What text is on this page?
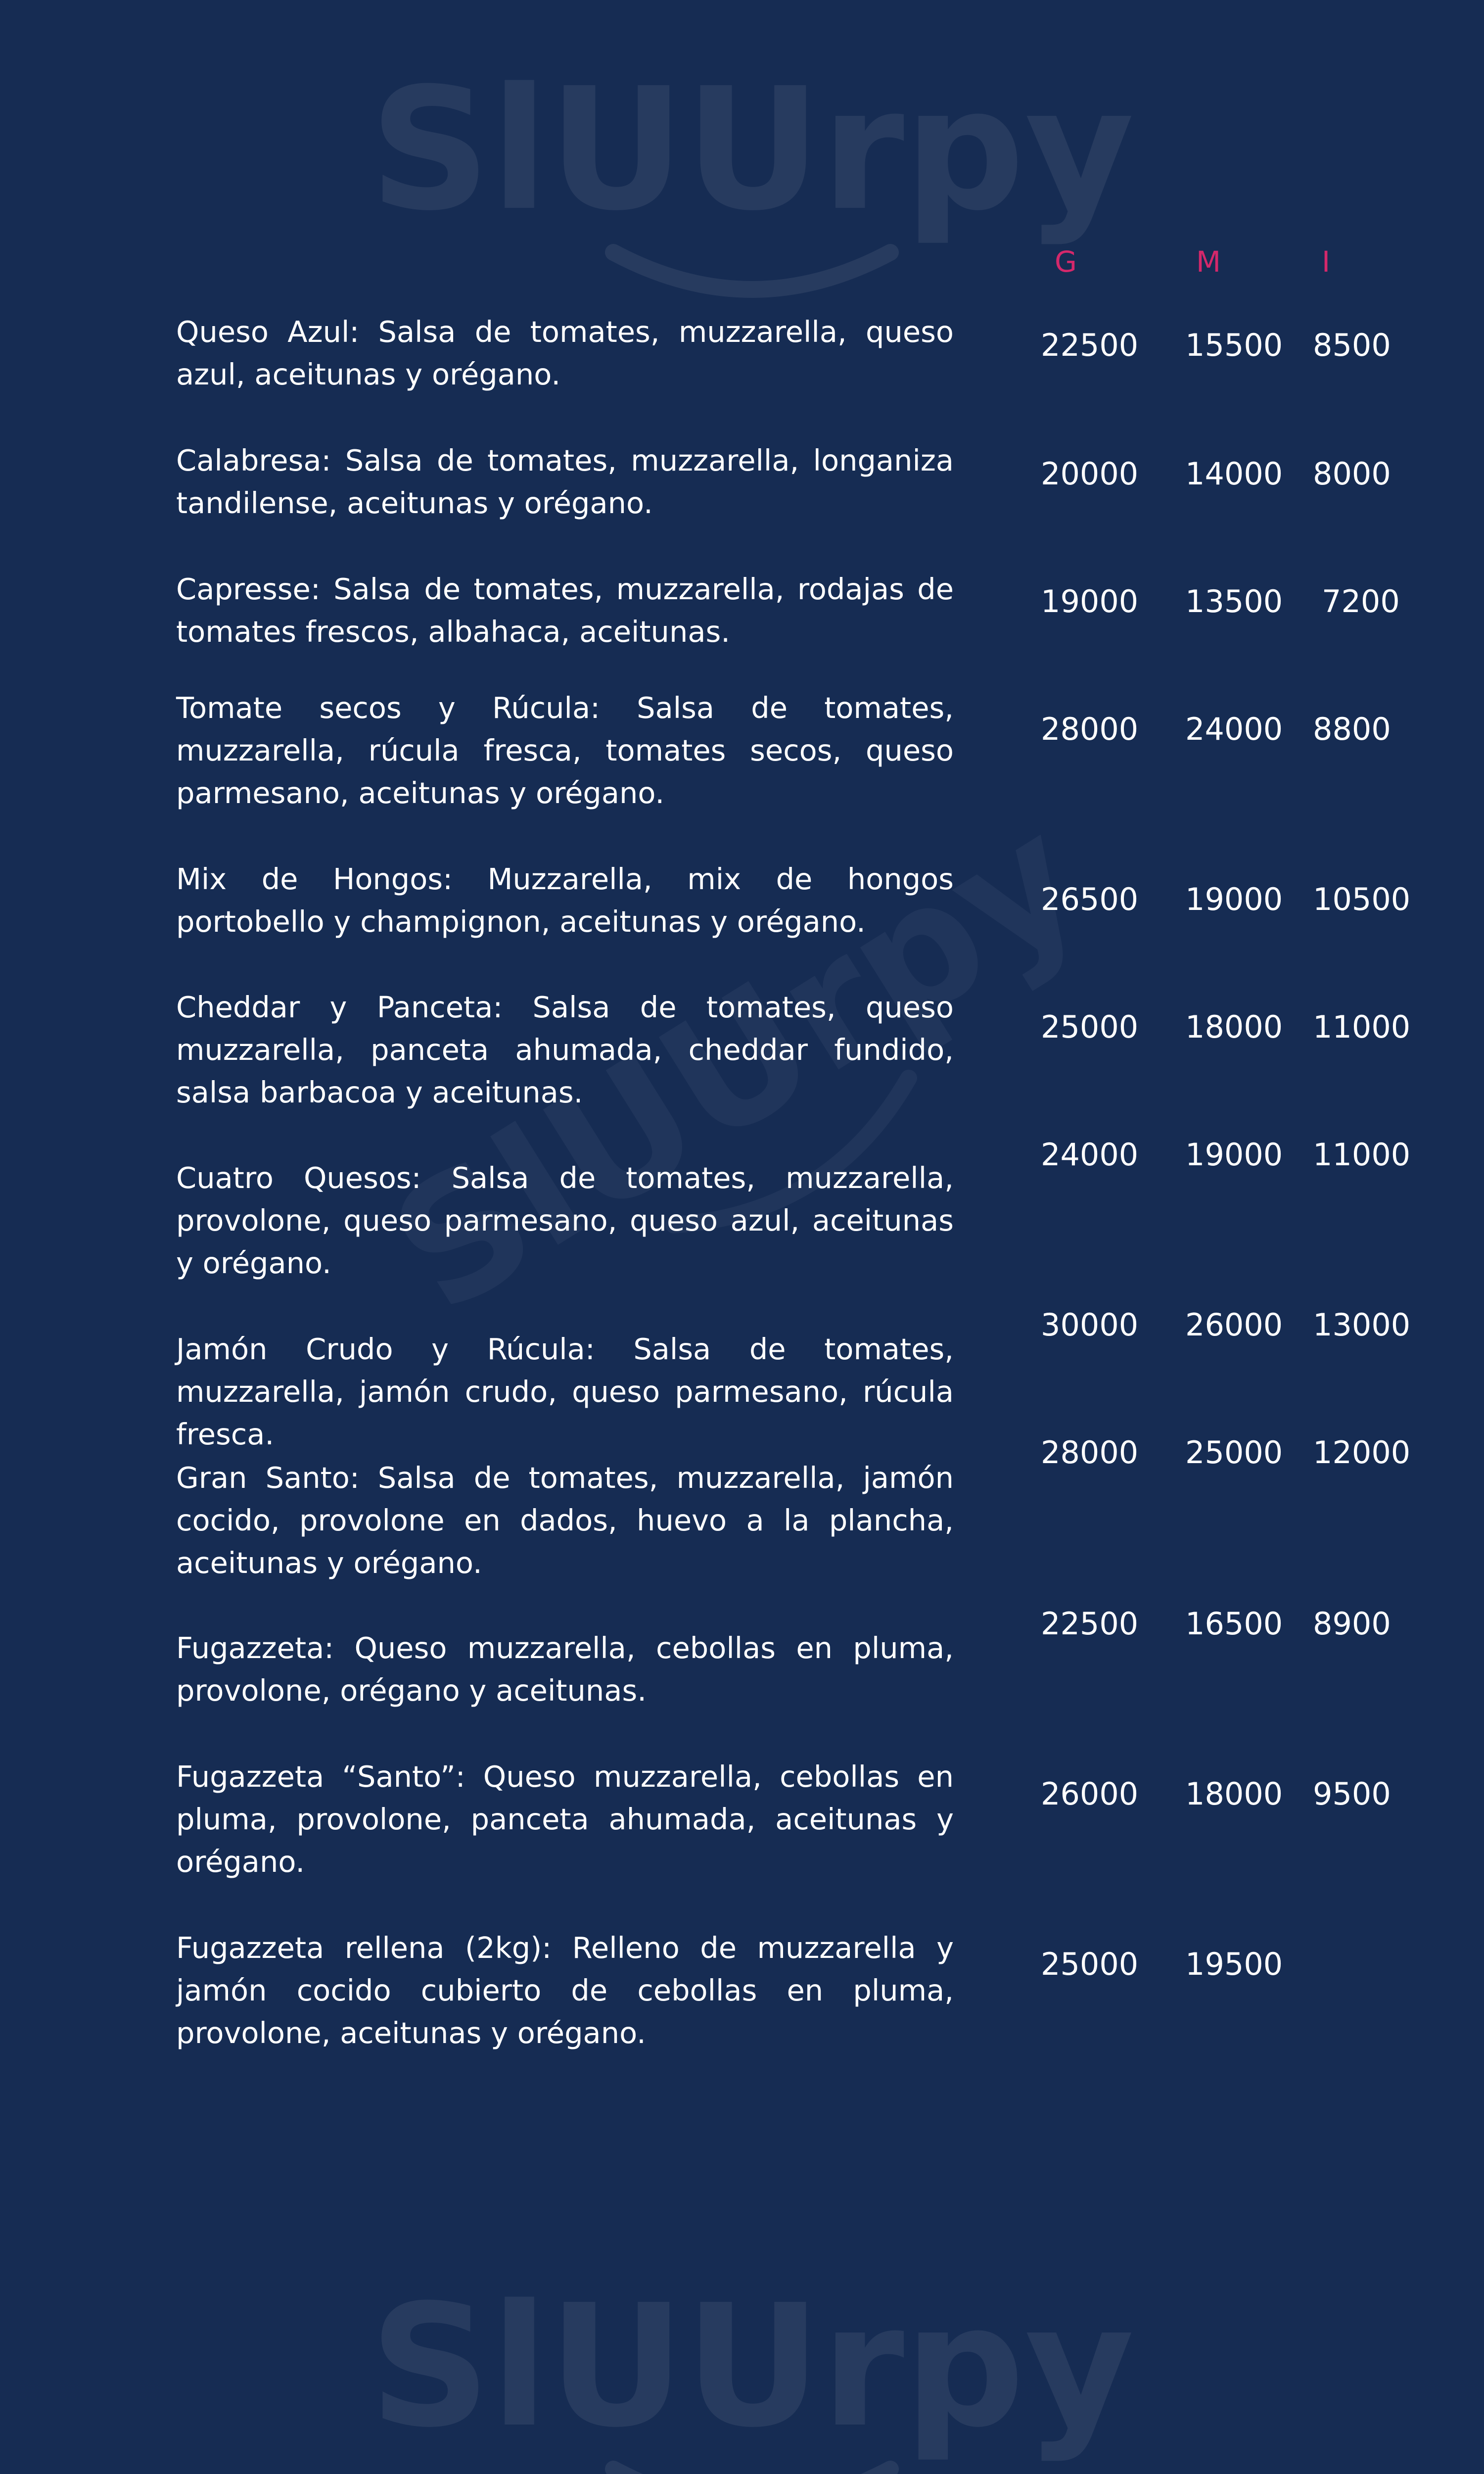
SlUUrpy
SlUUrpy
G	M	I

Queso Azul: Salsa de tomates, muzzarella, queso azul, aceitunas y orégano.

22500 15500 8500

Calabresa: Salsa de tomates, muzzarella, longaniza tandilense, aceitunas y orégano.

20000 14000 8000

Capresse: Salsa de tomates, muzzarella, rodajas de tomates frescos, albahaca, aceitunas.

19000 13500 7200

Tomate secos y Rúcula: Salsa de tomates, muzzarella, rúcula fresca, tomates secos, queso parmesano, aceitunas y orégano.

28000 24000 8800

Mix de Hongos: Muzzarella, mix de hongos portobello y champignon, aceitunas y orégano.

26500 19000 10500

Cheddar y Panceta: Salsa de tomates, queso muzzarella, panceta ahumada, cheddar fundido, salsa barbacoa y aceitunas.

25000 18000 11000

Cuatro Quesos: Salsa de tomates, muzzarella, provolone, queso parmesano, queso azul, aceitunas y orégano.

24000 19000 11000

Jamón Crudo y Rúcula: Salsa de tomates, muzzarella, jamón crudo, queso parmesano, rúcula fresca.

30000 26000 13000

Gran Santo: Salsa de tomates, muzzarella, jamón cocido, provolone en dados, huevo a la plancha, aceitunas y orégano.

28000 25000 12000

Fugazzeta: Queso muzzarella, cebollas en pluma, provolone, orégano y aceitunas.

22500 16500 8900

Fugazzeta “Santo”: Queso muzzarella, cebollas en pluma, provolone, panceta ahumada, aceitunas y orégano.

26000 18000 9500

Fugazzeta rellena (2kg): Relleno de muzzarella y jamón cocido cubierto de cebollas en pluma, provolone, aceitunas y orégano.

25000 19500
